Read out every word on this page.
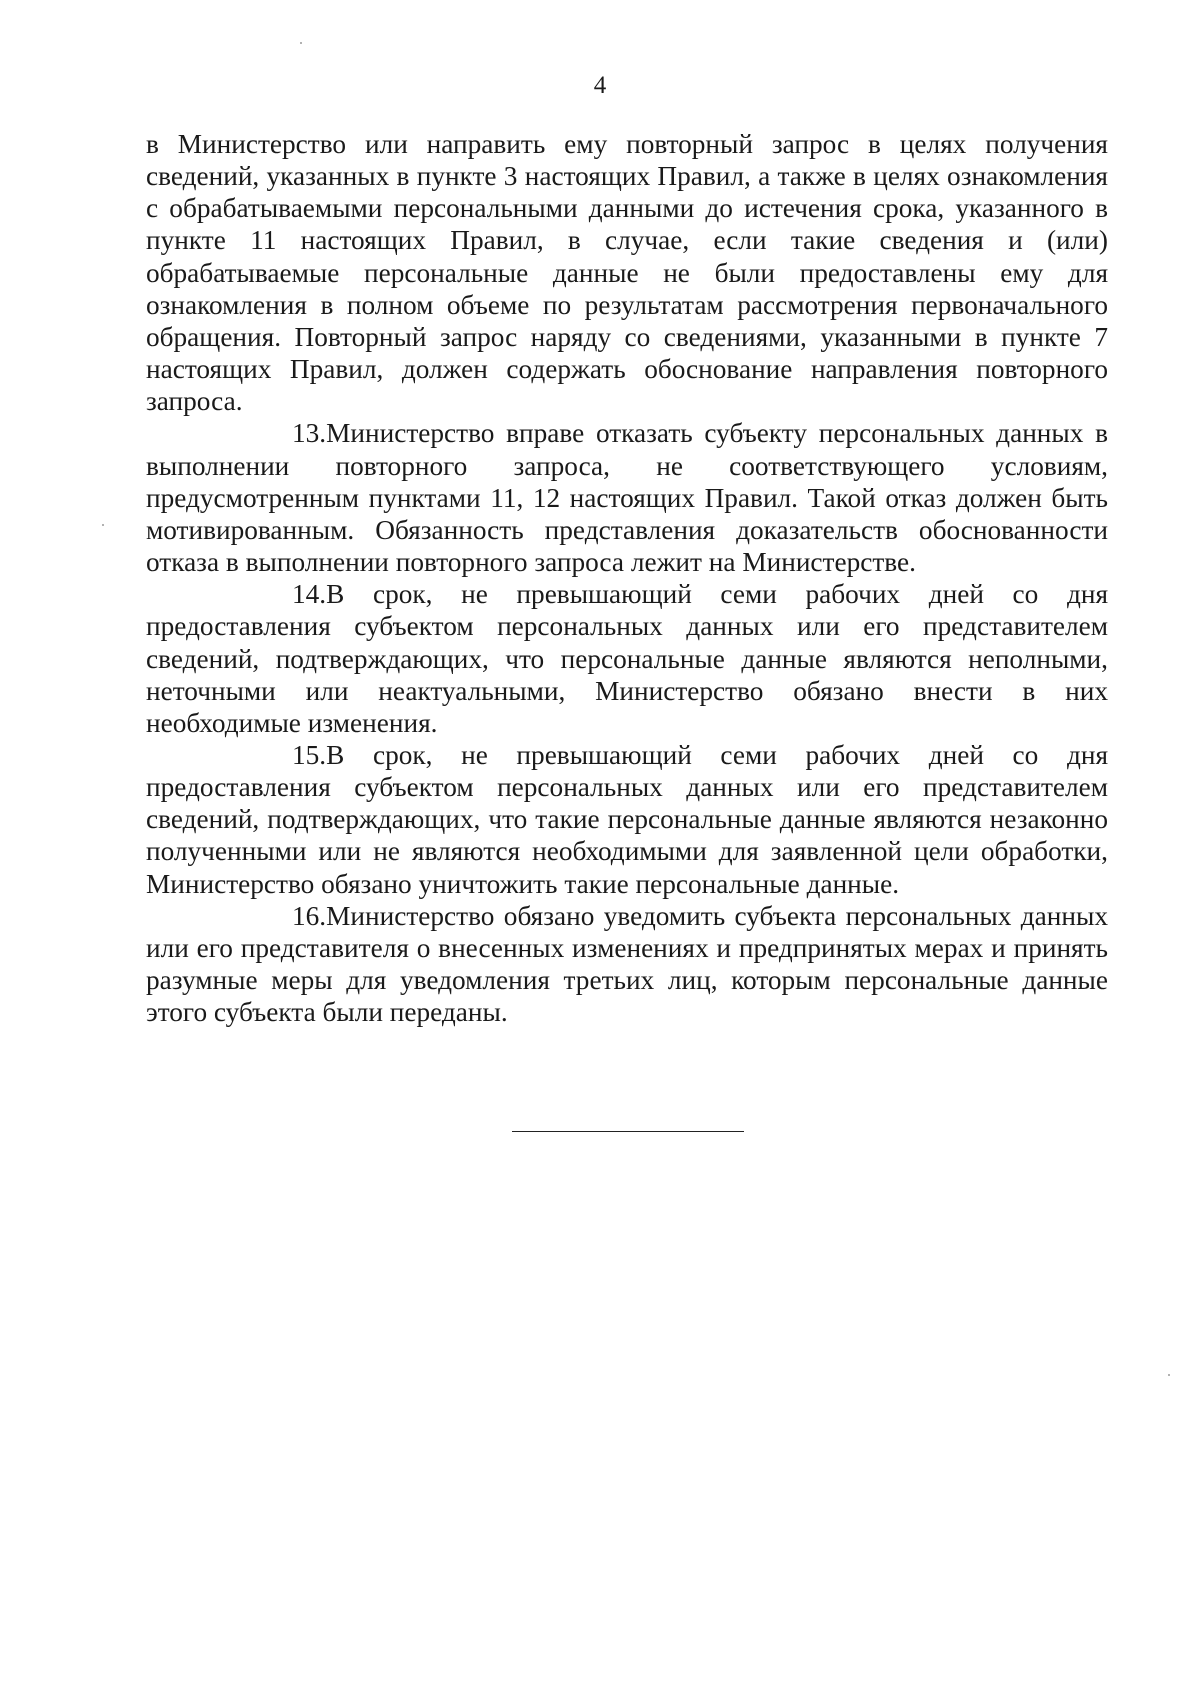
4

в Министерство или направить ему повторный запрос в целях получения сведений, указанных в пункте 3 настоящих Правил, а также в целях ознакомления с обрабатываемыми персональными данными до истечения срока, указанного в пункте 11 настоящих Правил, в случае, если такие сведения и (или) обрабатываемые персональные данные не были предоставлены ему для ознакомления в полном объеме по результатам рассмотрения первоначального обращения. Повторный запрос наряду со сведениями, указанными в пункте 7 настоящих Правил, должен содержать обоснование направления повторного запроса.

13.Министерство вправе отказать субъекту персональных данных в выполнении повторного запроса, не соответствующего условиям, предусмотренным пунктами 11, 12 настоящих Правил. Такой отказ должен быть мотивированным. Обязанность представления доказательств обоснованности отказа в выполнении повторного запроса лежит на Министерстве.

14.В срок, не превышающий семи рабочих дней со дня предоставления субъектом персональных данных или его представителем сведений, подтверждающих, что персональные данные являются неполными, неточными или неактуальными, Министерство обязано внести в них необходимые изменения.

15.В срок, не превышающий семи рабочих дней со дня предоставления субъектом персональных данных или его представителем сведений, подтверждающих, что такие персональные данные являются незаконно полученными или не являются необходимыми для заявленной цели обработки, Министерство обязано уничтожить такие персональные данные.

16.Министерство обязано уведомить субъекта персональных данных или его представителя о внесенных изменениях и предпринятых мерах и принять разумные меры для уведомления третьих лиц, которым персональные данные этого субъекта были переданы.
